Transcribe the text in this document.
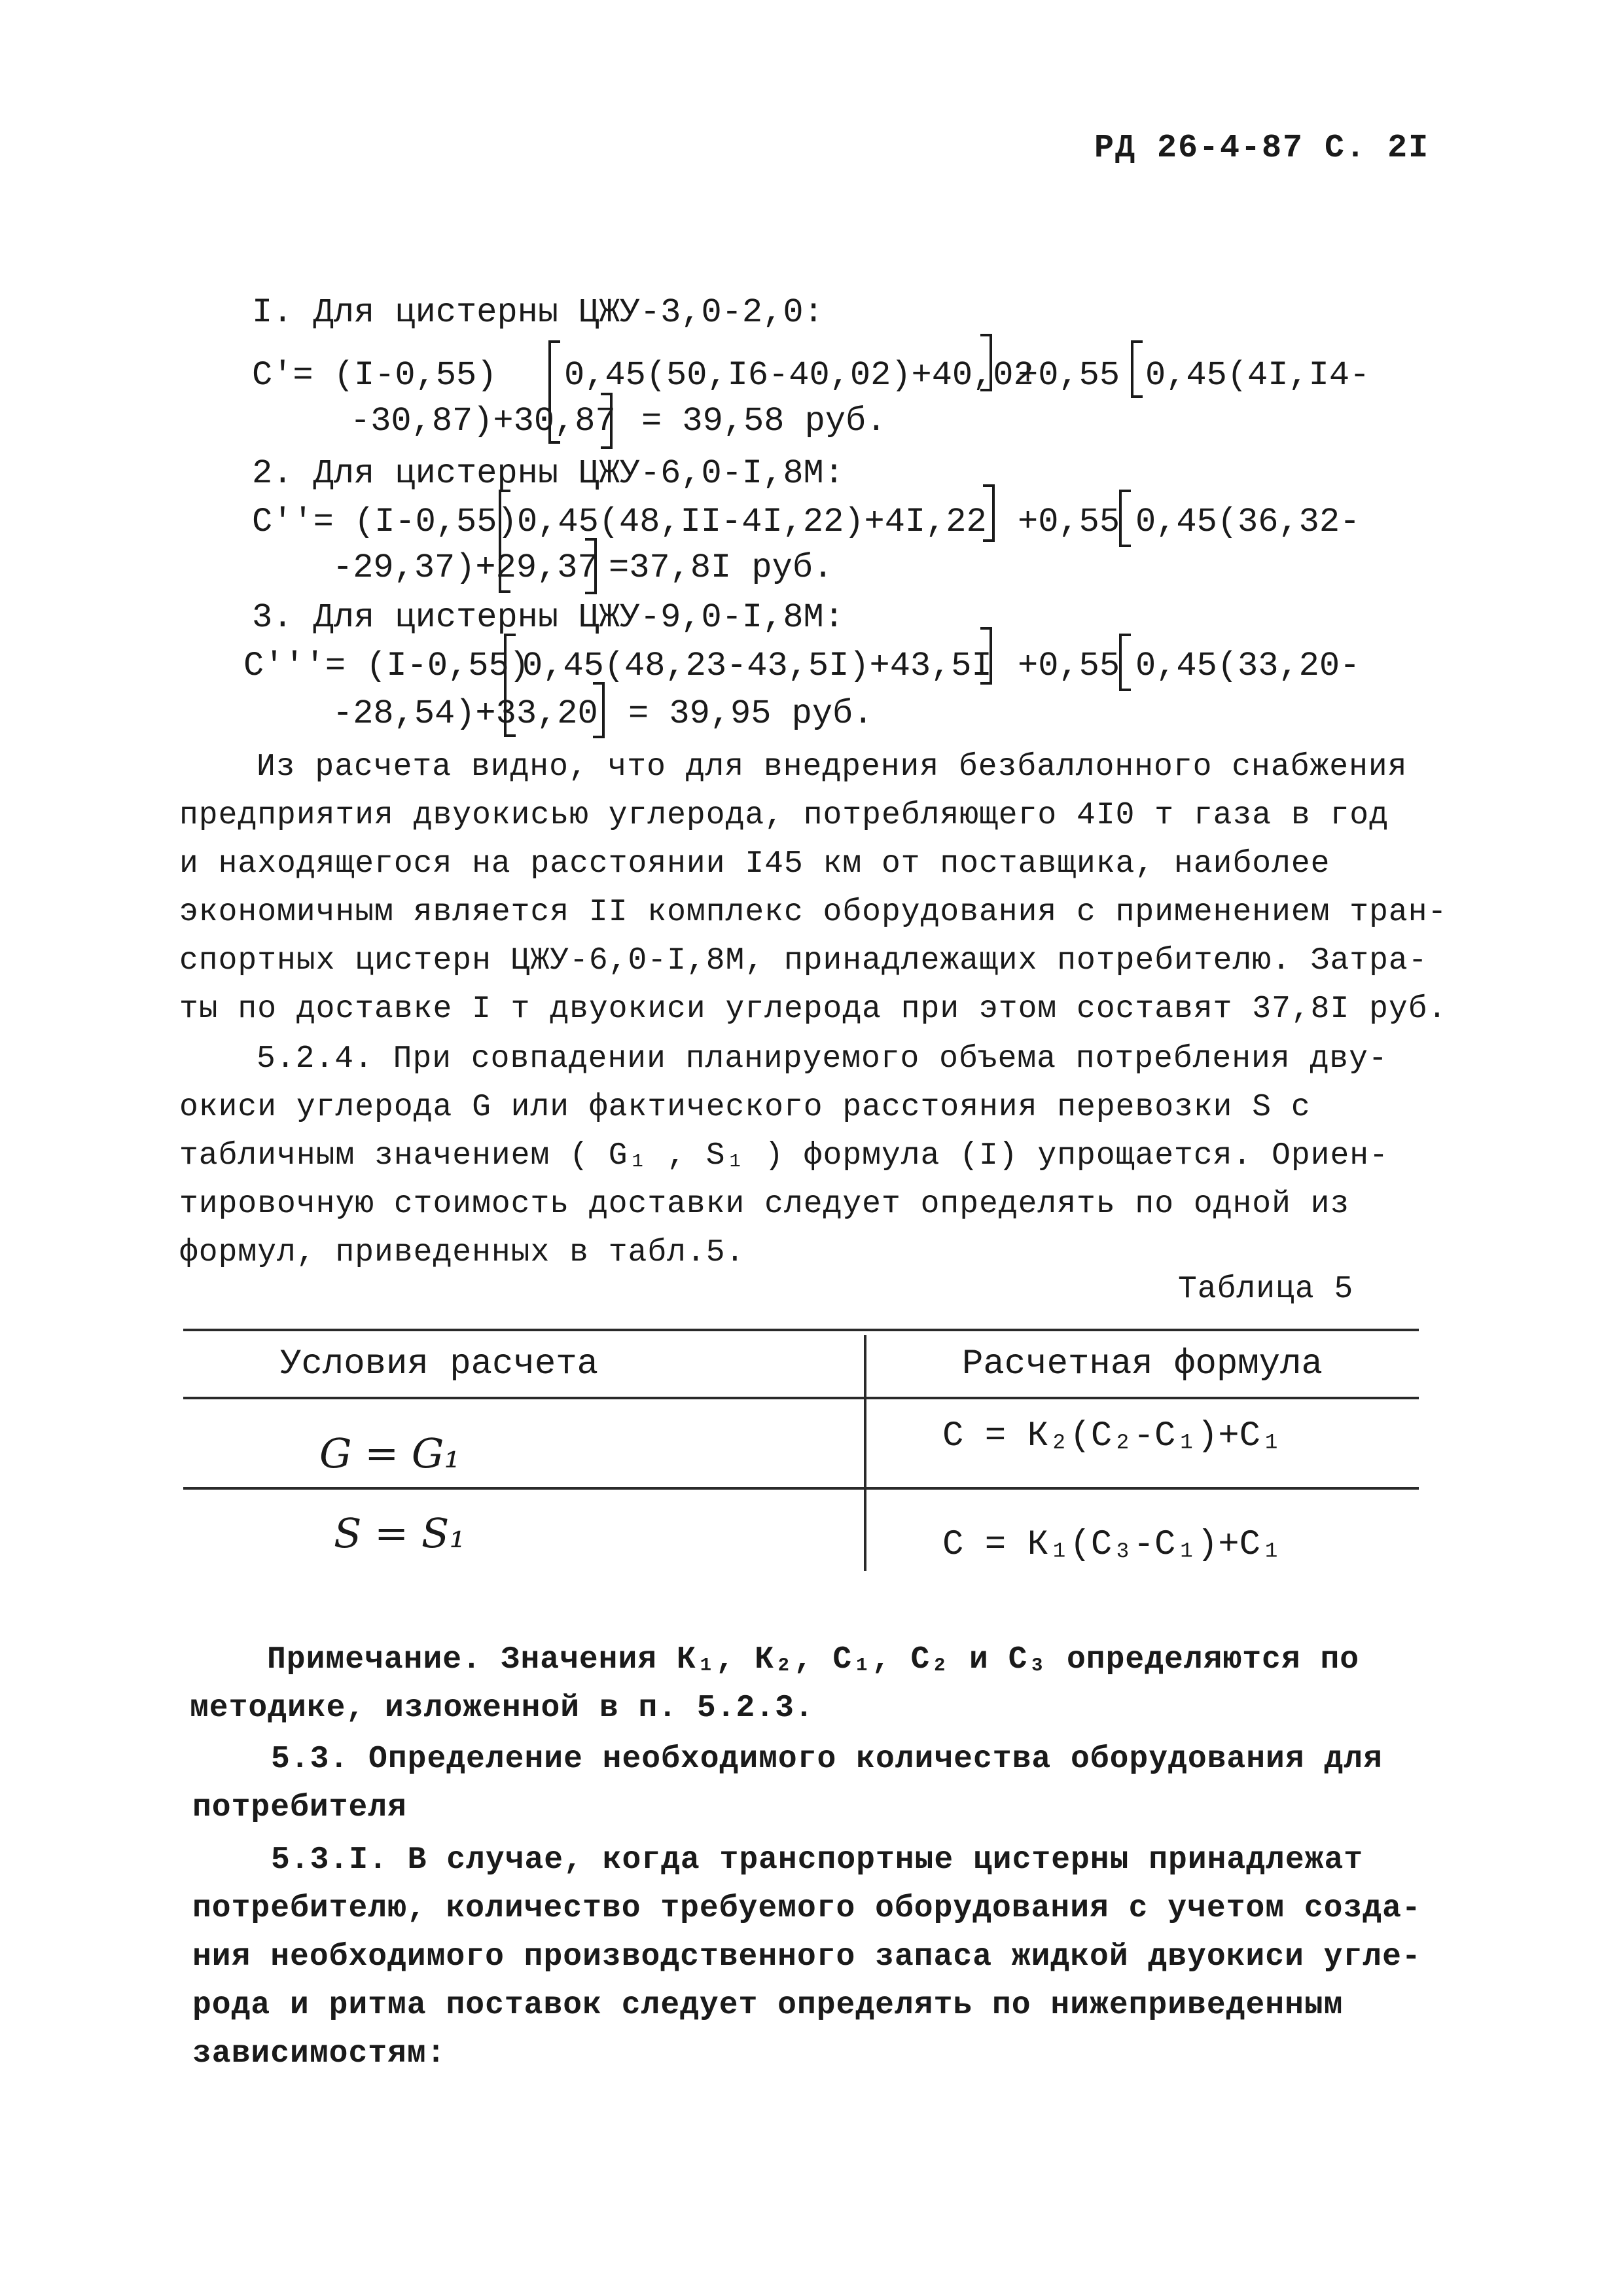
РД 26-4-87 С. 2I
I. Для цистерны ЦЖУ-3,0-2,0:
С'= (I-0,55) 0,45(50,I6-40,02)+40,02
+0,55 0,45(4I,I4-
-30,87)+30,87 = 39,58 руб.
2. Для цистерны ЦЖУ-6,0-I,8М:
С''= (I-0,55) 0,45(48,II-4I,22)+4I,22 +0,55 0,45(36,32-
-29,37)+29,37 =37,8I руб.
3. Для цистерны ЦЖУ-9,0-I,8М:
С'''= (I-0,55)
0,45(48,23-43,5I)+43,5I +0,55 0,45(33,20-
-28,54)+33,20 = 39,95 руб.
Из расчета видно, что для внедрения безбаллонного снабжения
предприятия двуокисью углерода, потребляющего 4I0 т газа в год
и находящегося на расстоянии I45 км от поставщика, наиболее
экономичным является II комплекс оборудования с применением тран-
спортных цистерн ЦЖУ-6,0-I,8М, принадлежащих потребителю. Затра-
ты по доставке I т двуокиси углерода при этом составят 37,8I руб.
5.2.4. При совпадении планируемого объема потребления дву-
окиси углерода G или фактического расстояния перевозки S с
табличным значением ( G₁ , S₁ ) формула (I) упрощается. Ориен-
тировочную стоимость доставки следует определять по одной из
формул, приведенных в табл.5.
Таблица 5
Условия расчета	Расчетная формула
G = G₁	С = К₂(С₂-С₁)+С₁
S = S₁	С = К₁(С₃-С₁)+С₁
Примечание. Значения К₁, К₂, С₁, С₂ и С₃ определяются по
методике, изложенной в п. 5.2.3.
5.3. Определение необходимого количества оборудования для
потребителя
5.3.I. В случае, когда транспортные цистерны принадлежат
потребителю, количество требуемого оборудования с учетом созда-
ния необходимого производственного запаса жидкой двуокиси угле-
рода и ритма поставок следует определять по нижеприведенным
зависимостям:
